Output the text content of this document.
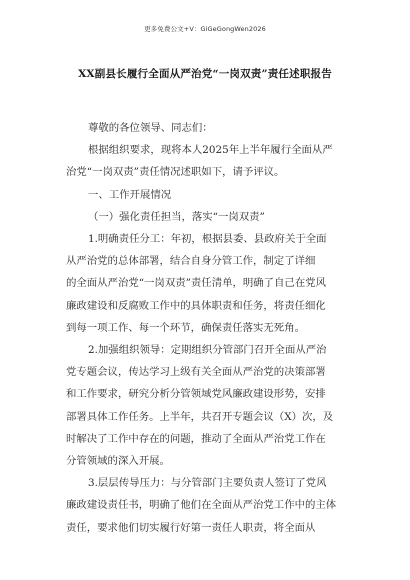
更多免费公文+V：GiGeGongWen2026
XX副县长履行全面从严治党“一岗双责”责任述职报告
尊敬的各位领导、同志们：
根据组织要求，现将本人2025年上半年履行全面从严
治党“一岗双责”责任情况述职如下，请予评议。
一、工作开展情况
（一）强化责任担当，落实“一岗双责”
1.明确责任分工：年初，根据县委、县政府关于全面
从严治党的总体部署，结合自身分管工作，制定了详细
的全面从严治党“一岗双责”责任清单，明确了自己在党风
廉政建设和反腐败工作中的具体职责和任务，将责任细化
到每一项工作、每一个环节，确保责任落实无死角。
2.加强组织领导：定期组织分管部门召开全面从严治
党专题会议，传达学习上级有关全面从严治党的决策部署
和工作要求，研究分析分管领域党风廉政建设形势，安排
部署具体工作任务。上半年，共召开专题会议（X）次，及
时解决了工作中存在的问题，推动了全面从严治党工作在
分管领域的深入开展。
3.层层传导压力：与分管部门主要负责人签订了党风
廉政建设责任书，明确了他们在全面从严治党工作中的主体
责任，要求他们切实履行好第一责任人职责，将全面从
